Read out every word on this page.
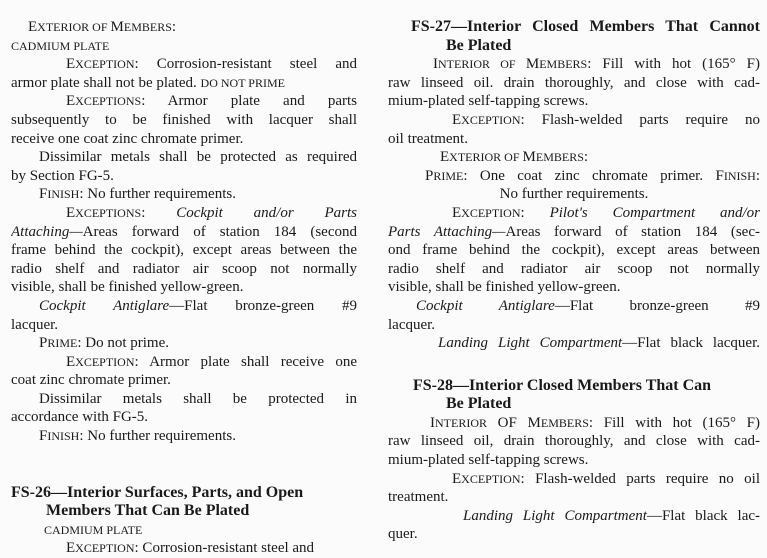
EXTERIOR OF MEMBERS:
CADMIUM PLATE
EXCEPTION: Corrosion-resistant steel and
armor plate shall not be plated. DO NOT PRIME
EXCEPTIONS: Armor plate and parts
subsequently to be finished with lacquer shall
receive one coat zinc chromate primer.
Dissimilar metals shall be protected as required
by Section FG-5.
FINISH: No further requirements.
EXCEPTIONS: Cockpit and/or Parts
Attaching—Areas forward of station 184 (second
frame behind the cockpit), except areas between the
radio shelf and radiator air scoop not normally
visible, shall be finished yellow-green.
Cockpit Antiglare—Flat bronze-green #9
lacquer.
PRIME: Do not prime.
EXCEPTION: Armor plate shall receive one
coat zinc chromate primer.
Dissimilar metals shall be protected in
accordance with FG-5.
FINISH: No further requirements.
FS-26—Interior Surfaces, Parts, and Open
Members That Can Be Plated
CADMIUM PLATE
EXCEPTION: Corrosion-resistant steel and
FS-27—Interior Closed Members That Cannot
Be Plated
INTERIOR OF MEMBERS: Fill with hot (165° F)
raw linseed oil. drain thoroughly, and close with cad-
mium-plated self-tapping screws.
EXCEPTION: Flash-welded parts require no
oil treatment.
EXTERIOR OF MEMBERS:
PRIME: One coat zinc chromate primer. FINISH:
No further requirements.
EXCEPTION: Pilot's Compartment and/or
Parts Attaching—Areas forward of station 184 (sec-
ond frame behind the cockpit), except areas between
radio shelf and radiator air scoop not normally
visible, shall be finished yellow-green.
Cockpit Antiglare—Flat bronze-green #9
lacquer.
Landing Light Compartment—Flat black lacquer.
FS-28—Interior Closed Members That Can
Be Plated
INTERIOR OF MEMBERS: Fill with hot (165° F)
raw linseed oil, drain thoroughly, and close with cad-
mium-plated self-tapping screws.
EXCEPTION: Flash-welded parts require no oil
treatment.
Landing Light Compartment—Flat black lac-
quer.
